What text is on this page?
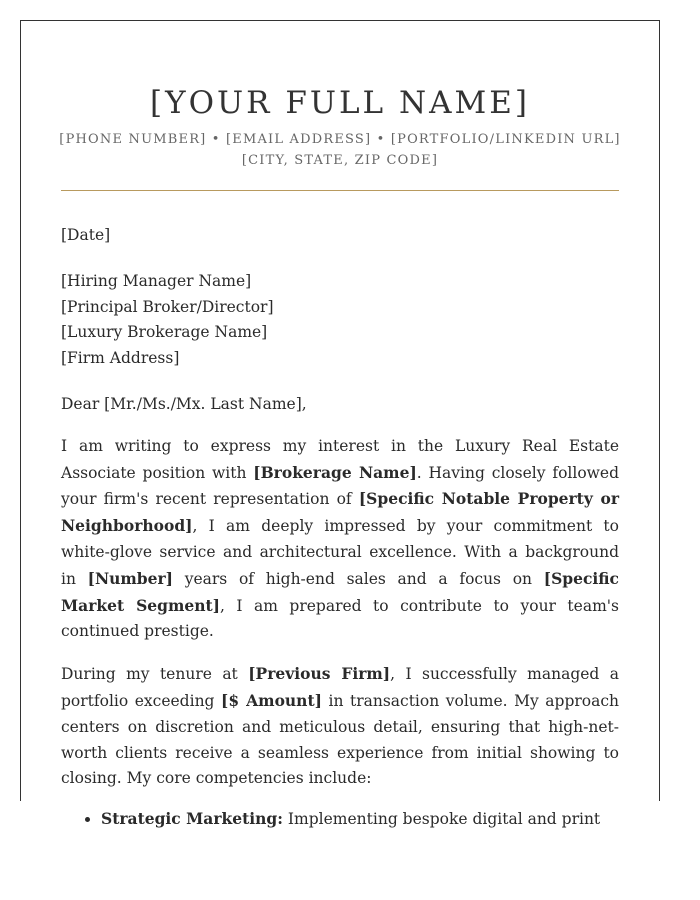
[YOUR FULL NAME]
[PHONE NUMBER] • [EMAIL ADDRESS] • [PORTFOLIO/LINKEDIN URL]
[CITY, STATE, ZIP CODE]
[Date]
[Hiring Manager Name]
[Principal Broker/Director]
[Luxury Brokerage Name]
[Firm Address]
Dear [Mr./Ms./Mx. Last Name],

I am writing to express my interest in the Luxury Real Estate Associate position with [Brokerage Name]. Having closely followed your firm's recent representation of [Specific Notable Property or Neighborhood], I am deeply impressed by your commitment to white-glove service and architectural excellence. With a background in [Number] years of high-end sales and a focus on [Specific Market Segment], I am prepared to contribute to your team's continued prestige.

During my tenure at [Previous Firm], I successfully managed a portfolio exceeding [$ Amount] in transaction volume. My approach centers on discretion and meticulous detail, ensuring that high-net-worth clients receive a seamless experience from initial showing to closing. My core competencies include:

• Strategic Marketing: Implementing bespoke digital and print
